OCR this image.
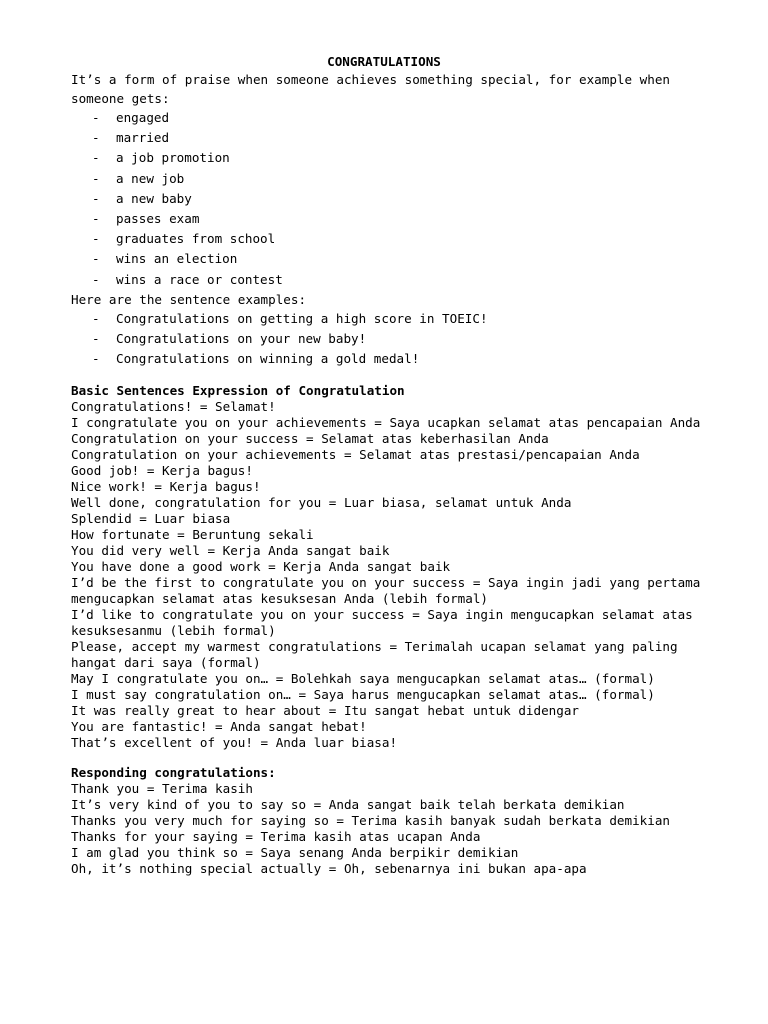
CONGRATULATIONS
It’s a form of praise when someone achieves something special, for example when someone gets:
- engaged
- married
- a job promotion
- a new job
- a new baby
- passes exam
- graduates from school
- wins an election
- wins a race or contest
Here are the sentence examples:
- Congratulations on getting a high score in TOEIC!
- Congratulations on your new baby!
- Congratulations on winning a gold medal!
Basic Sentences Expression of Congratulation
Congratulations! = Selamat!
I congratulate you on your achievements = Saya ucapkan selamat atas pencapaian Anda
Congratulation on your success = Selamat atas keberhasilan Anda
Congratulation on your achievements = Selamat atas prestasi/pencapaian Anda
Good job! = Kerja bagus!
Nice work! = Kerja bagus!
Well done, congratulation for you = Luar biasa, selamat untuk Anda
Splendid = Luar biasa
How fortunate = Beruntung sekali
You did very well = Kerja Anda sangat baik
You have done a good work = Kerja Anda sangat baik
I’d be the first to congratulate you on your success = Saya ingin jadi yang pertama mengucapkan selamat atas kesuksesan Anda (lebih formal)
I’d like to congratulate you on your success = Saya ingin mengucapkan selamat atas kesuksesanmu (lebih formal)
Please, accept my warmest congratulations = Terimalah ucapan selamat yang paling hangat dari saya (formal)
May I congratulate you on… = Bolehkah saya mengucapkan selamat atas… (formal)
I must say congratulation on… = Saya harus mengucapkan selamat atas… (formal)
It was really great to hear about = Itu sangat hebat untuk didengar
You are fantastic! = Anda sangat hebat!
That’s excellent of you! = Anda luar biasa!
Responding congratulations:
Thank you = Terima kasih
It’s very kind of you to say so = Anda sangat baik telah berkata demikian
Thanks you very much for saying so = Terima kasih banyak sudah berkata demikian
Thanks for your saying = Terima kasih atas ucapan Anda
I am glad you think so = Saya senang Anda berpikir demikian
Oh, it’s nothing special actually = Oh, sebenarnya ini bukan apa-apa
